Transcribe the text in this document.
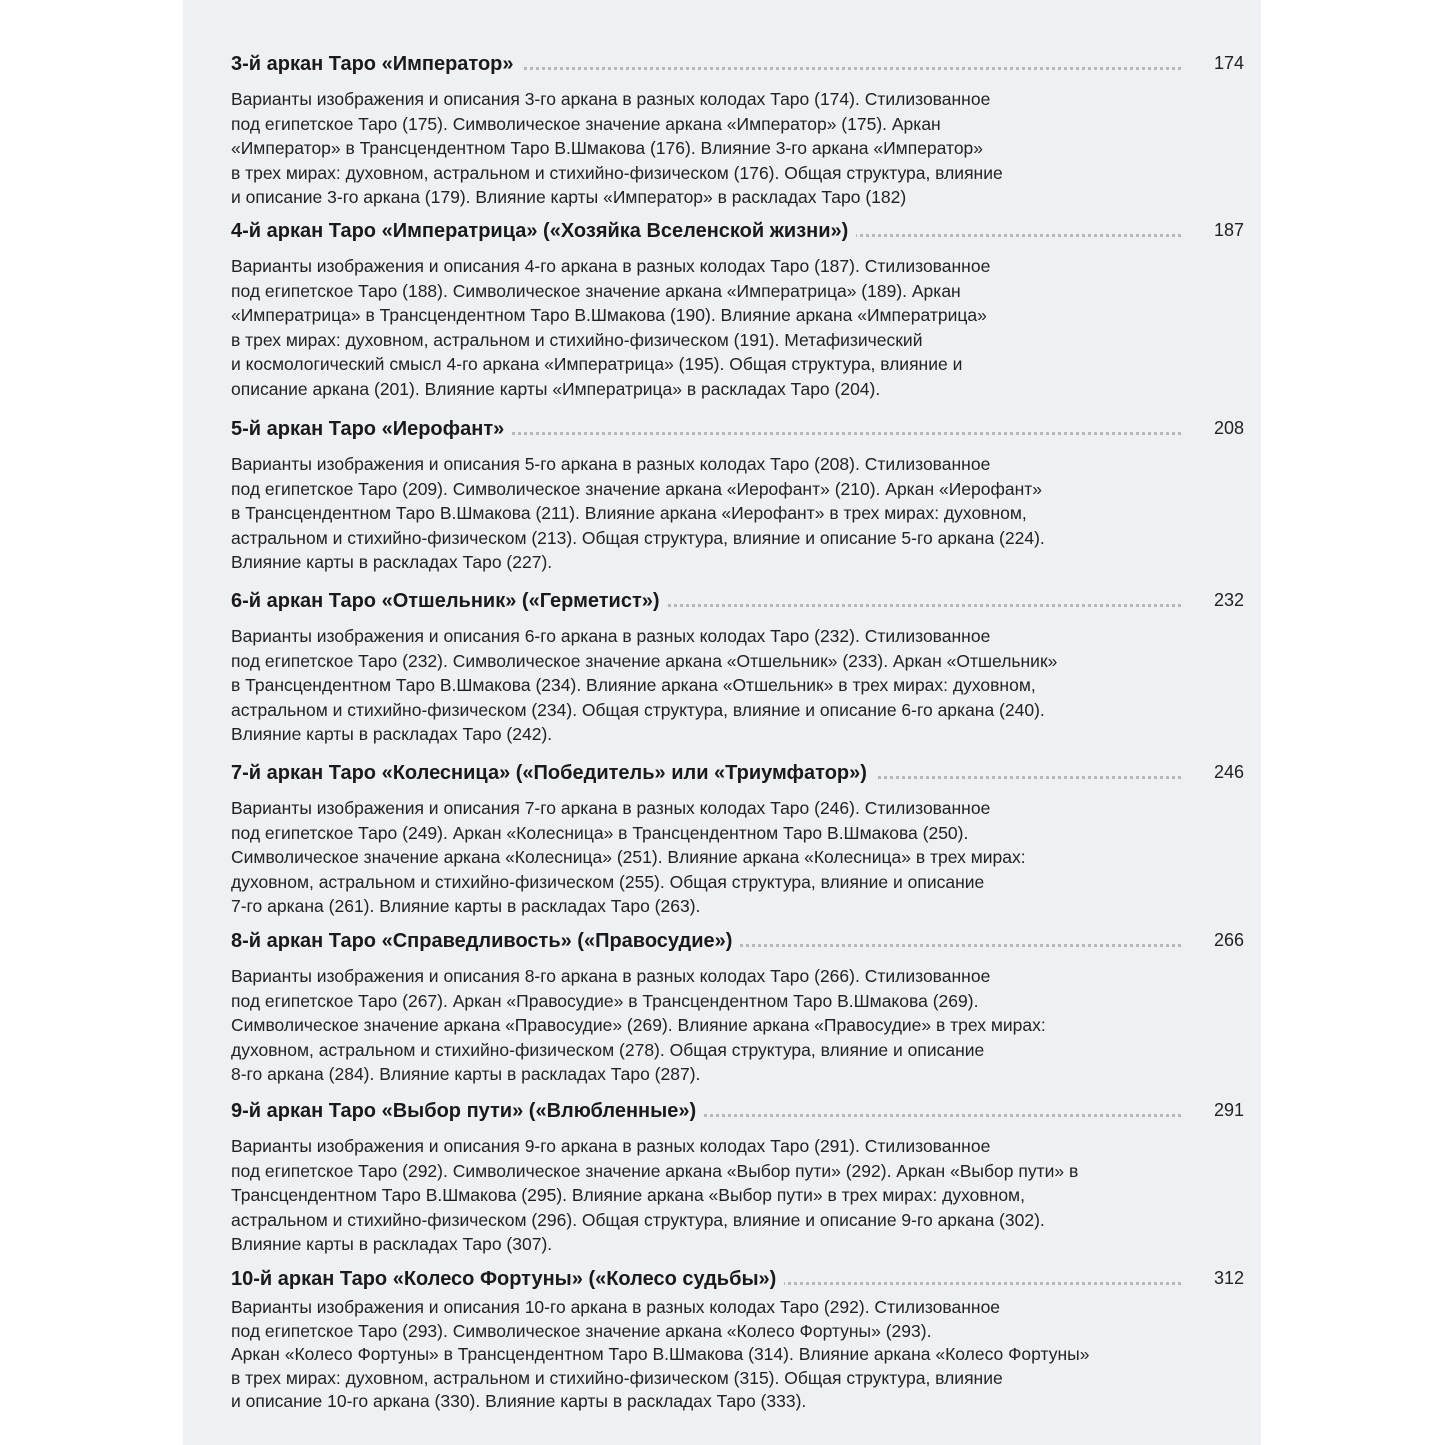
3-й аркан Таро «Император»	174
Варианты изображения и описания 3-го аркана в разных колодах Таро (174). Стилизованное
под египетское Таро (175). Символическое значение аркана «Император» (175). Аркан
«Император» в Трансцендентном Таро В.Шмакова (176). Влияние 3-го аркана «Император»
в трех мирах: духовном, астральном и стихийно-физическом (176). Общая структура, влияние
и описание 3-го аркана (179). Влияние карты «Император» в раскладах Таро (182)
4-й аркан Таро «Императрица» («Хозяйка Вселенской жизни»)	187
Варианты изображения и описания 4-го аркана в разных колодах Таро (187). Стилизованное
под египетское Таро (188). Символическое значение аркана «Императрица» (189). Аркан
«Императрица» в Трансцендентном Таро В.Шмакова (190). Влияние аркана «Императрица»
в трех мирах: духовном, астральном и стихийно-физическом (191). Метафизический
и космологический смысл 4-го аркана «Императрица» (195). Общая структура, влияние и
описание аркана (201). Влияние карты «Императрица» в раскладах Таро (204).
5-й аркан Таро «Иерофант»	208
Варианты изображения и описания 5-го аркана в разных колодах Таро (208). Стилизованное
под египетское Таро (209). Символическое значение аркана «Иерофант» (210). Аркан «Иерофант»
в Трансцендентном Таро В.Шмакова (211). Влияние аркана «Иерофант» в трех мирах: духовном,
астральном и стихийно-физическом (213). Общая структура, влияние и описание 5-го аркана (224).
Влияние карты в раскладах Таро (227).
6-й аркан Таро «Отшельник» («Герметист»)	232
Варианты изображения и описания 6-го аркана в разных колодах Таро (232). Стилизованное
под египетское Таро (232). Символическое значение аркана «Отшельник» (233). Аркан «Отшельник»
в Трансцендентном Таро В.Шмакова (234). Влияние аркана «Отшельник» в трех мирах: духовном,
астральном и стихийно-физическом (234). Общая структура, влияние и описание 6-го аркана (240).
Влияние карты в раскладах Таро (242).
7-й аркан Таро «Колесница» («Победитель» или «Триумфатор»)	246
Варианты изображения и описания 7-го аркана в разных колодах Таро (246). Стилизованное
под египетское Таро (249). Аркан «Колесница» в Трансцендентном Таро В.Шмакова (250).
Символическое значение аркана «Колесница» (251). Влияние аркана «Колесница» в трех мирах:
духовном, астральном и стихийно-физическом (255). Общая структура, влияние и описание
7-го аркана (261). Влияние карты в раскладах Таро (263).
8-й аркан Таро «Справедливость» («Правосудие»)	266
Варианты изображения и описания 8-го аркана в разных колодах Таро (266). Стилизованное
под египетское Таро (267). Аркан «Правосудие» в Трансцендентном Таро В.Шмакова (269).
Символическое значение аркана «Правосудие» (269). Влияние аркана «Правосудие» в трех мирах:
духовном, астральном и стихийно-физическом (278). Общая структура, влияние и описание
8-го аркана (284). Влияние карты в раскладах Таро (287).
9-й аркан Таро «Выбор пути» («Влюбленные»)	291
Варианты изображения и описания 9-го аркана в разных колодах Таро (291). Стилизованное
под египетское Таро (292). Символическое значение аркана «Выбор пути» (292). Аркан «Выбор пути» в
Трансцендентном Таро В.Шмакова (295). Влияние аркана «Выбор пути» в трех мирах: духовном,
астральном и стихийно-физическом (296). Общая структура, влияние и описание 9-го аркана (302).
Влияние карты в раскладах Таро (307).
10-й аркан Таро «Колесо Фортуны» («Колесо судьбы»)	312
Варианты изображения и описания 10-го аркана в разных колодах Таро (292). Стилизованное
под египетское Таро (293). Символическое значение аркана «Колесо Фортуны» (293).
Аркан «Колесо Фортуны» в Трансцендентном Таро В.Шмакова (314). Влияние аркана «Колесо Фортуны»
в трех мирах: духовном, астральном и стихийно-физическом (315). Общая структура, влияние
и описание 10-го аркана (330). Влияние карты в раскладах Таро (333).
